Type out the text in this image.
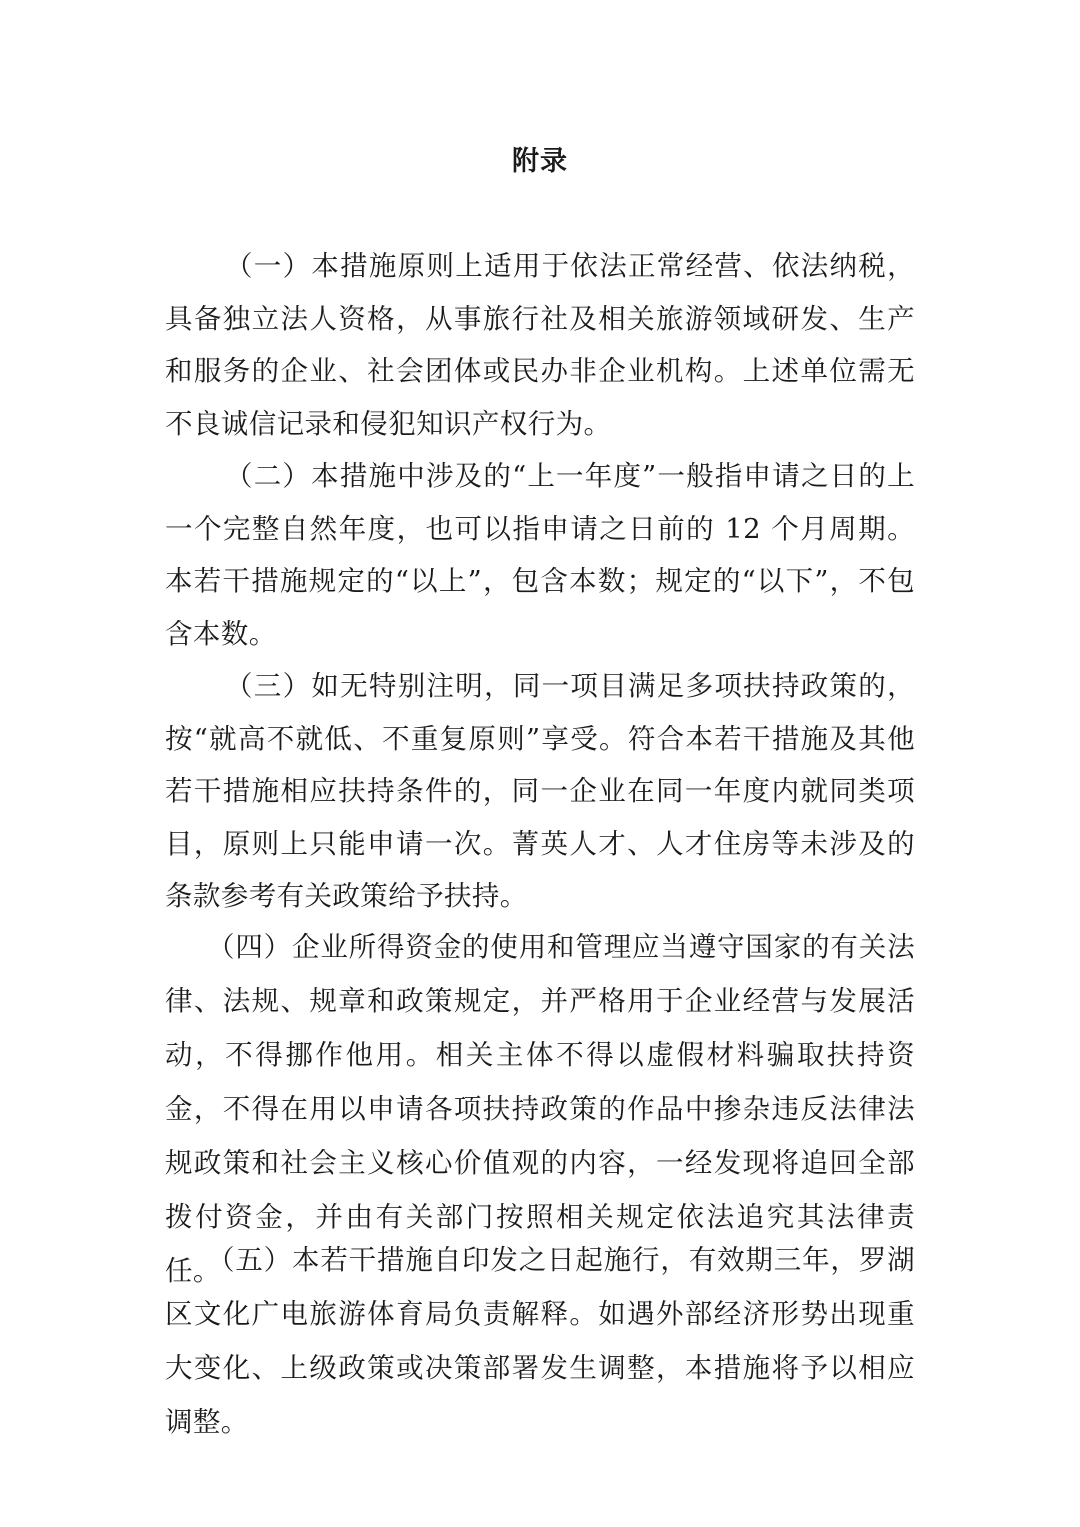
附录

（一）本措施原则上适用于依法正常经营、依法纳税，具备独立法人资格，从事旅行社及相关旅游领域研发、生产和服务的企业、社会团体或民办非企业机构。上述单位需无不良诚信记录和侵犯知识产权行为。

（二）本措施中涉及的“上一年度”一般指申请之日的上一个完整自然年度，也可以指申请之日前的 12 个月周期。本若干措施规定的“以上”，包含本数；规定的“以下”，不包含本数。

（三）如无特别注明，同一项目满足多项扶持政策的，按“就高不就低、不重复原则”享受。符合本若干措施及其他若干措施相应扶持条件的，同一企业在同一年度内就同类项目，原则上只能申请一次。菁英人才、人才住房等未涉及的条款参考有关政策给予扶持。

（四）企业所得资金的使用和管理应当遵守国家的有关法律、法规、规章和政策规定，并严格用于企业经营与发展活动，不得挪作他用。相关主体不得以虚假材料骗取扶持资金，不得在用以申请各项扶持政策的作品中掺杂违反法律法规政策和社会主义核心价值观的内容，一经发现将追回全部拨付资金，并由有关部门按照相关规定依法追究其法律责任。

（五）本若干措施自印发之日起施行，有效期三年，罗湖区文化广电旅游体育局负责解释。如遇外部经济形势出现重大变化、上级政策或决策部署发生调整，本措施将予以相应调整。
